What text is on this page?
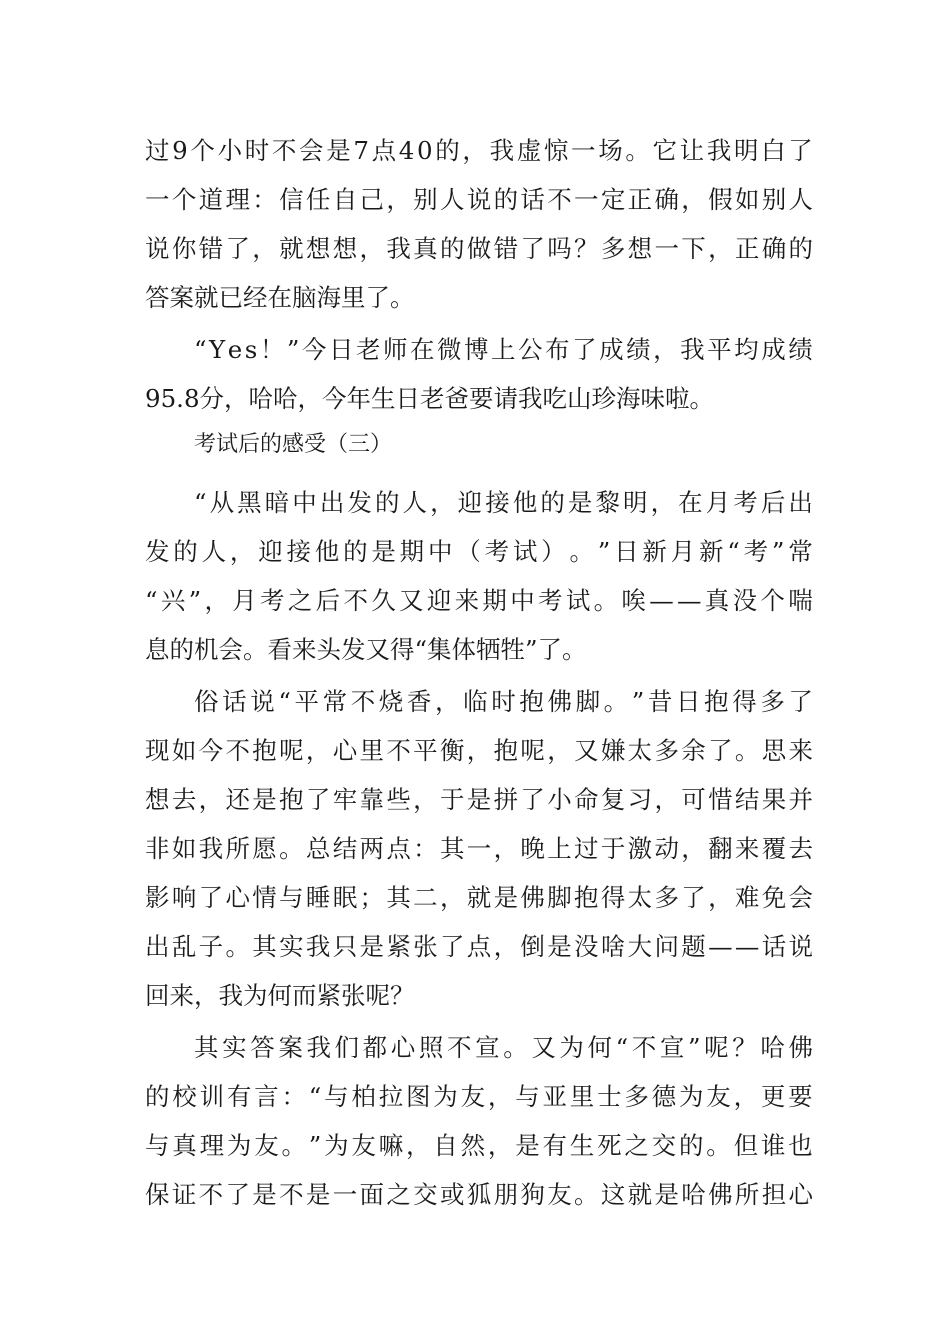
过 9 个 小 时 不 会 是 7 点 4 0 的 ， 我 虚 惊 一 场 。 它 让 我 明 白 了
一 个 道 理 ： 信 任 自 己 ， 别 人 说 的 话 不 一 定 正 确 ， 假 如 别 人
说 你 错 了 ， 就 想 想 ， 我 真 的 做 错 了 吗 ？ 多 想 一 下 ， 正 确 的
答案就已经在脑海里了。
“ Y e s ！ ” 今 日 老 师 在 微 博 上 公 布 了 成 绩 ， 我 平 均 成 绩
95.8分，哈哈，今年生日老爸要请我吃山珍海味啦。
考试后的感受（三）
“ 从 黑 暗 中 出 发 的 人 ， 迎 接 他 的 是 黎 明 ， 在 月 考 后 出
发 的 人 ， 迎 接 他 的 是 期 中 （ 考 试 ） 。 ” 日 新 月 新 “ 考 ” 常
“ 兴 ” ， 月 考 之 后 不 久 又 迎 来 期 中 考 试 。 唉 — — 真 没 个 喘
息的机会。看来头发又得“集体牺牲”了。
俗 话 说 “ 平 常 不 烧 香 ， 临 时 抱 佛 脚 。 ” 昔 日 抱 得 多 了
现 如 今 不 抱 呢 ， 心 里 不 平 衡 ， 抱 呢 ， 又 嫌 太 多 余 了 。 思 来
想 去 ， 还 是 抱 了 牢 靠 些 ， 于 是 拼 了 小 命 复 习 ， 可 惜 结 果 并
非 如 我 所 愿 。 总 结 两 点 ： 其 一 ， 晚 上 过 于 激 动 ， 翻 来 覆 去
影 响 了 心 情 与 睡 眠 ； 其 二 ， 就 是 佛 脚 抱 得 太 多 了 ， 难 免 会
出 乱 子 。 其 实 我 只 是 紧 张 了 点 ， 倒 是 没 啥 大 问 题 — — 话 说
回来，我为何而紧张呢？
其 实 答 案 我 们 都 心 照 不 宣 。 又 为 何 “ 不 宣 ” 呢 ？ 哈 佛
的 校 训 有 言 ： “ 与 柏 拉 图 为 友 ， 与 亚 里 士 多 德 为 友 ， 更 要
与 真 理 为 友 。 ” 为 友 嘛 ， 自 然 ， 是 有 生 死 之 交 的 。 但 谁 也
保 证 不 了 是 不 是 一 面 之 交 或 狐 朋 狗 友 。 这 就 是 哈 佛 所 担 心
